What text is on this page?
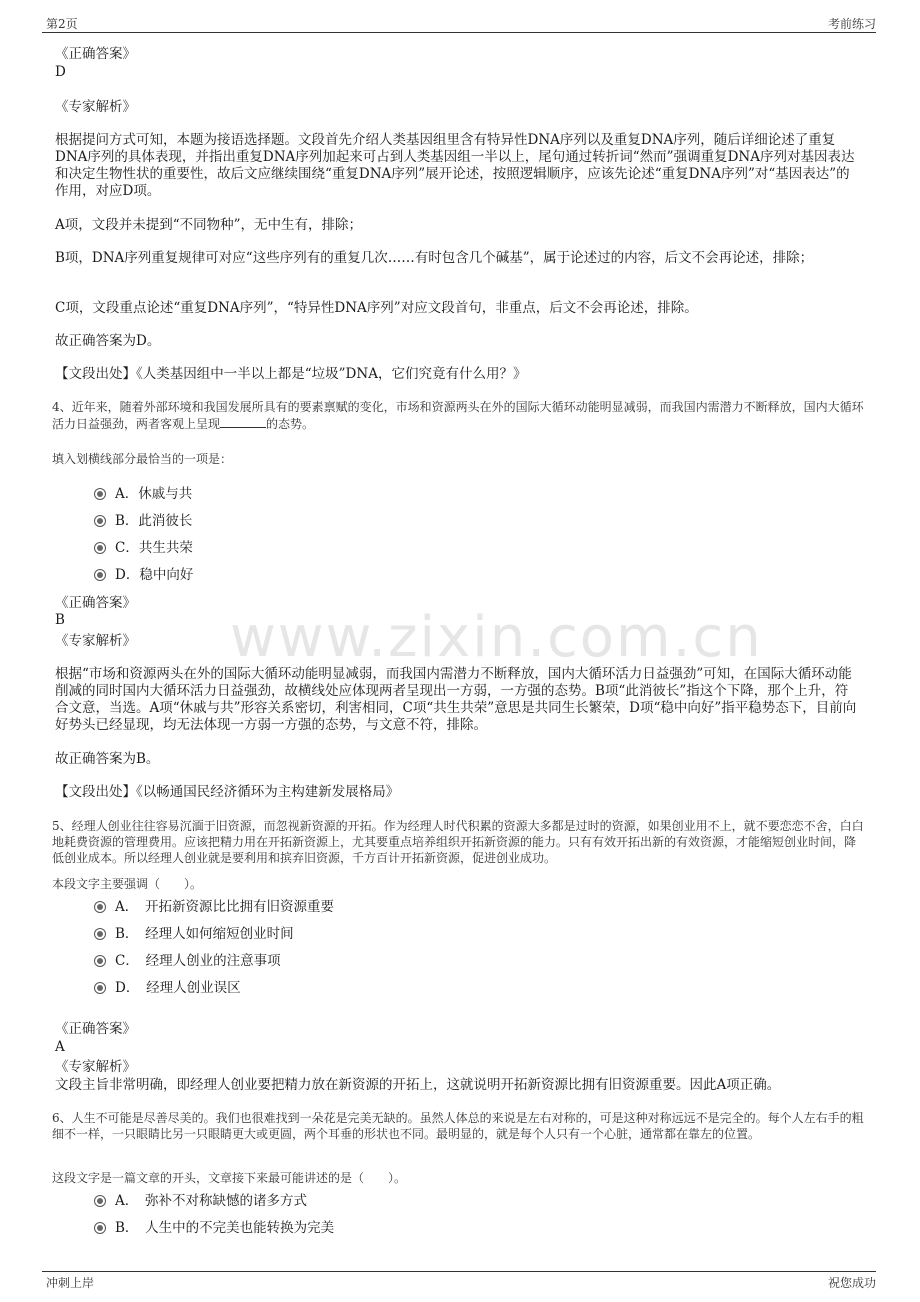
第2页	考前练习
www.zixin.com.cn
《正确答案》
D
《专家解析》
根据提问方式可知，本题为接语选择题。文段首先介绍人类基因组里含有特异性DNA序列以及重复DNA序列，随后详细论述了重复DNA序列的具体表现，并指出重复DNA序列加起来可占到人类基因组一半以上，尾句通过转折词“然而”强调重复DNA序列对基因表达和决定生物性状的重要性，故后文应继续围绕“重复DNA序列”展开论述，按照逻辑顺序，应该先论述“重复DNA序列”对“基因表达”的作用，对应D项。
A项，文段并未提到“不同物种”，无中生有，排除；
B项，DNA序列重复规律可对应“这些序列有的重复几次……有时包含几个碱基”，属于论述过的内容，后文不会再论述，排除；
C项，文段重点论述“重复DNA序列”，“特异性DNA序列”对应文段首句，非重点，后文不会再论述，排除。
故正确答案为D。
【文段出处】《人类基因组中一半以上都是“垃圾”DNA，它们究竟有什么用？》
4、近年来，随着外部环境和我国发展所具有的要素禀赋的变化，市场和资源两头在外的国际大循环动能明显减弱，而我国内需潜力不断释放，国内大循环活力日益强劲，两者客观上呈现	的态势。
填入划横线部分最恰当的一项是：
A．休戚与共
B．此消彼长
C．共生共荣
D．稳中向好
《正确答案》
B
《专家解析》
根据“市场和资源两头在外的国际大循环动能明显减弱，而我国内需潜力不断释放，国内大循环活力日益强劲”可知，在国际大循环动能削减的同时国内大循环活力日益强劲，故横线处应体现两者呈现出一方弱，一方强的态势。B项“此消彼长”指这个下降，那个上升，符合文意，当选。A项“休戚与共”形容关系密切，利害相同，C项“共生共荣”意思是共同生长繁荣，D项“稳中向好”指平稳势态下，目前向好势头已经显现，均无法体现一方弱一方强的态势，与文意不符，排除。
故正确答案为B。
【文段出处】《以畅通国民经济循环为主构建新发展格局》
5、经理人创业往往容易沉湎于旧资源，而忽视新资源的开拓。作为经理人时代积累的资源大多都是过时的资源，如果创业用不上，就不要恋恋不舍，白白地耗费资源的管理费用。应该把精力用在开拓新资源上，尤其要重点培养组织开拓新资源的能力。只有有效开拓出新的有效资源，才能缩短创业时间，降低创业成本。所以经理人创业就是要利用和摈弃旧资源，千方百计开拓新资源，促进创业成功。
本段文字主要强调（　　）。
A．　开拓新资源比比拥有旧资源重要
B．　经理人如何缩短创业时间
C．　经理人创业的注意事项
D．　经理人创业误区
《正确答案》
A
《专家解析》
文段主旨非常明确，即经理人创业要把精力放在新资源的开拓上，这就说明开拓新资源比拥有旧资源重要。因此A项正确。
6、人生不可能是尽善尽美的。我们也很难找到一朵花是完美无缺的。虽然人体总的来说是左右对称的，可是这种对称远远不是完全的。每个人左右手的粗细不一样，一只眼睛比另一只眼睛更大或更圆，两个耳垂的形状也不同。最明显的，就是每个人只有一个心脏，通常都在靠左的位置。
这段文字是一篇文章的开头，文章接下来最可能讲述的是（　　）。
A．　弥补不对称缺憾的诸多方式
B．　人生中的不完美也能转换为完美
冲刺上岸	祝您成功
